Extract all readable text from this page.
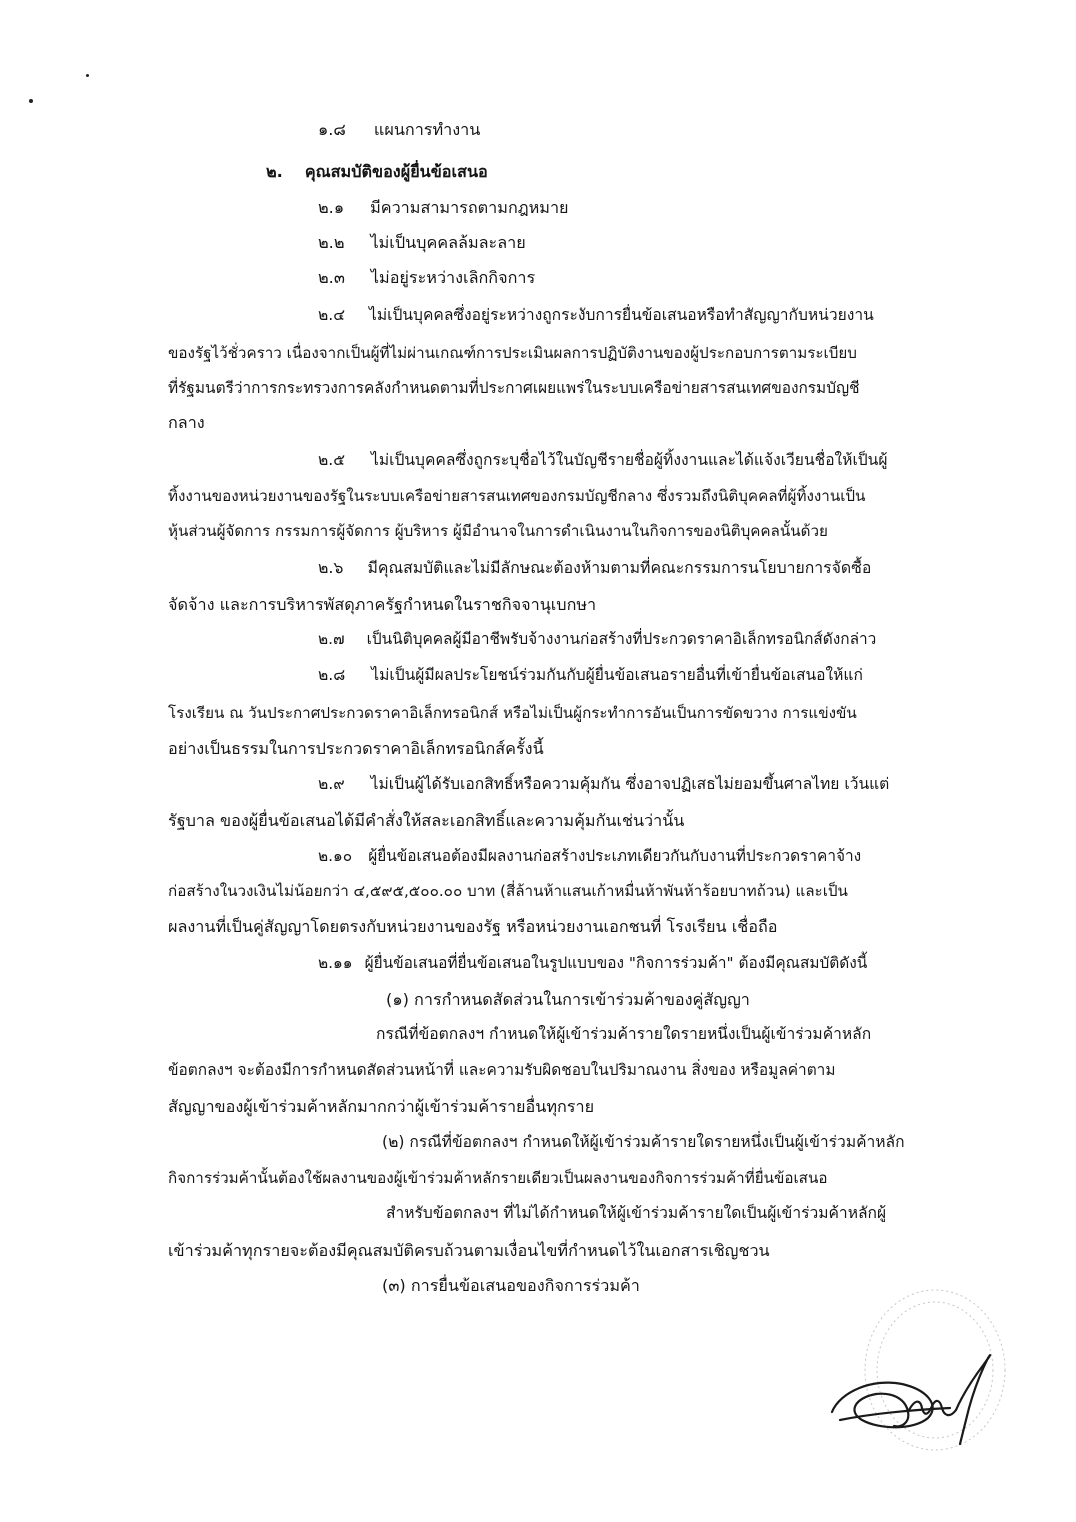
๑.๘ แผนการทำงาน
๒. คุณสมบัติของผู้ยื่นข้อเสนอ
๒.๑ มีความสามารถตามกฎหมาย
๒.๒ ไม่เป็นบุคคลล้มละลาย
๒.๓ ไม่อยู่ระหว่างเลิกกิจการ
๒.๔ ไม่เป็นบุคคลซึ่งอยู่ระหว่างถูกระงับการยื่นข้อเสนอหรือทำสัญญากับหน่วยงาน
ของรัฐไว้ชั่วคราว เนื่องจากเป็นผู้ที่ไม่ผ่านเกณฑ์การประเมินผลการปฏิบัติงานของผู้ประกอบการตามระเบียบ
ที่รัฐมนตรีว่าการกระทรวงการคลังกำหนดตามที่ประกาศเผยแพร่ในระบบเครือข่ายสารสนเทศของกรมบัญชี
กลาง
๒.๕ ไม่เป็นบุคคลซึ่งถูกระบุชื่อไว้ในบัญชีรายชื่อผู้ทิ้งงานและได้แจ้งเวียนชื่อให้เป็นผู้
ทิ้งงานของหน่วยงานของรัฐในระบบเครือข่ายสารสนเทศของกรมบัญชีกลาง ซึ่งรวมถึงนิติบุคคลที่ผู้ทิ้งงานเป็น
หุ้นส่วนผู้จัดการ กรรมการผู้จัดการ ผู้บริหาร ผู้มีอำนาจในการดำเนินงานในกิจการของนิติบุคคลนั้นด้วย
๒.๖ มีคุณสมบัติและไม่มีลักษณะต้องห้ามตามที่คณะกรรมการนโยบายการจัดซื้อ
จัดจ้าง และการบริหารพัสดุภาครัฐกำหนดในราชกิจจานุเบกษา
๒.๗ เป็นนิติบุคคลผู้มีอาชีพรับจ้างงานก่อสร้างที่ประกวดราคาอิเล็กทรอนิกส์ดังกล่าว
๒.๘ ไม่เป็นผู้มีผลประโยชน์ร่วมกันกับผู้ยื่นข้อเสนอรายอื่นที่เข้ายื่นข้อเสนอให้แก่
โรงเรียน ณ วันประกาศประกวดราคาอิเล็กทรอนิกส์ หรือไม่เป็นผู้กระทำการอันเป็นการขัดขวาง การแข่งขัน
อย่างเป็นธรรมในการประกวดราคาอิเล็กทรอนิกส์ครั้งนี้
๒.๙ ไม่เป็นผู้ได้รับเอกสิทธิ์หรือความคุ้มกัน ซึ่งอาจปฏิเสธไม่ยอมขึ้นศาลไทย เว้นแต่
รัฐบาล ของผู้ยื่นข้อเสนอได้มีคำสั่งให้สละเอกสิทธิ์และความคุ้มกันเช่นว่านั้น
๒.๑๐ ผู้ยื่นข้อเสนอต้องมีผลงานก่อสร้างประเภทเดียวกันกับงานที่ประกวดราคาจ้าง
ก่อสร้างในวงเงินไม่น้อยกว่า ๔,๕๙๕,๕๐๐.๐๐ บาท (สี่ล้านห้าแสนเก้าหมื่นห้าพันห้าร้อยบาทถ้วน) และเป็น
ผลงานที่เป็นคู่สัญญาโดยตรงกับหน่วยงานของรัฐ หรือหน่วยงานเอกชนที่ โรงเรียน เชื่อถือ
๒.๑๑ ผู้ยื่นข้อเสนอที่ยื่นข้อเสนอในรูปแบบของ "กิจการร่วมค้า" ต้องมีคุณสมบัติดังนี้
(๑) การกำหนดสัดส่วนในการเข้าร่วมค้าของคู่สัญญา
กรณีที่ข้อตกลงฯ กำหนดให้ผู้เข้าร่วมค้ารายใดรายหนึ่งเป็นผู้เข้าร่วมค้าหลัก
ข้อตกลงฯ จะต้องมีการกำหนดสัดส่วนหน้าที่ และความรับผิดชอบในปริมาณงาน สิ่งของ หรือมูลค่าตาม
สัญญาของผู้เข้าร่วมค้าหลักมากกว่าผู้เข้าร่วมค้ารายอื่นทุกราย
(๒) กรณีที่ข้อตกลงฯ กำหนดให้ผู้เข้าร่วมค้ารายใดรายหนึ่งเป็นผู้เข้าร่วมค้าหลัก
กิจการร่วมค้านั้นต้องใช้ผลงานของผู้เข้าร่วมค้าหลักรายเดียวเป็นผลงานของกิจการร่วมค้าที่ยื่นข้อเสนอ
สำหรับข้อตกลงฯ ที่ไม่ได้กำหนดให้ผู้เข้าร่วมค้ารายใดเป็นผู้เข้าร่วมค้าหลักผู้
เข้าร่วมค้าทุกรายจะต้องมีคุณสมบัติครบถ้วนตามเงื่อนไขที่กำหนดไว้ในเอกสารเชิญชวน
(๓) การยื่นข้อเสนอของกิจการร่วมค้า
